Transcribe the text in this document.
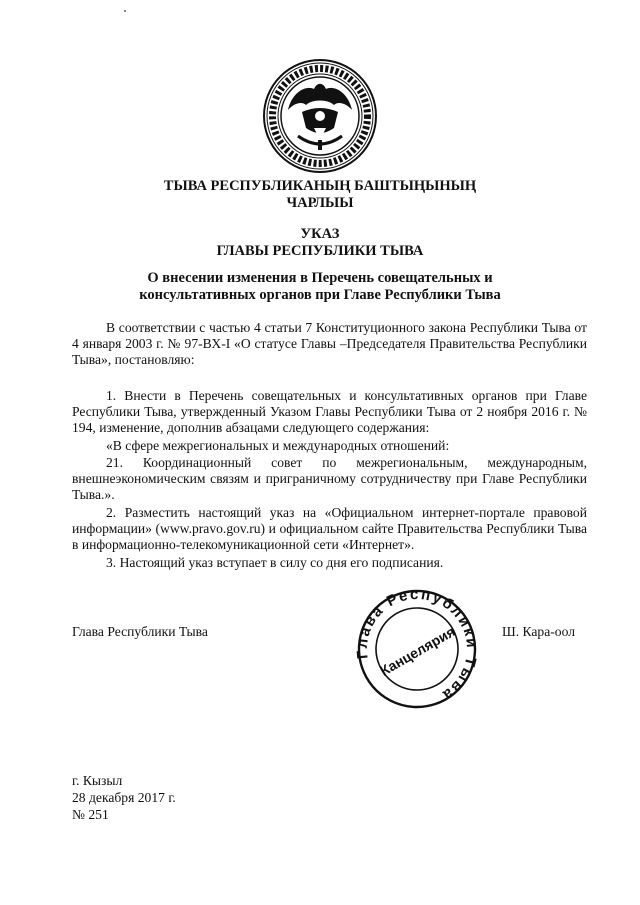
ТЫВА РЕСПУБЛИКАНЫҢ БАШТЫҢЫНЫҢ
ЧАРЛЫЫ
УКАЗ
ГЛАВЫ РЕСПУБЛИКИ ТЫВА
О внесении изменения в Перечень совещательных и
консультативных органов при Главе Республики Тыва

В соответствии с частью 4 статьи 7 Конституционного закона Республики Тыва от 4 января 2003 г. № 97-ВХ-I «О статусе Главы –Председателя Правительства Республики Тыва», постановляю:

1. Внести в Перечень совещательных и консультативных органов при Главе Республики Тыва, утвержденный Указом Главы Республики Тыва от 2 ноября 2016 г. № 194, изменение, дополнив абзацами следующего содержания:

«В сфере межрегиональных и международных отношений:

21. Координационный совет по межрегиональным, международным, внешнеэкономическим связям и приграничному сотрудничеству при Главе Республики Тыва.».

2. Разместить настоящий указ на «Официальном интернет-портале правовой информации» (www.pravo.gov.ru) и официальном сайте Правительства Республики Тыва в информационно-телекомуникационной сети «Интернет».

3. Настоящий указ вступает в силу со дня его подписания.

Глава Республики Тыва

Глава Республики Тыва
Канцелярия	Ш. Кара-оол

г. Кызыл
28 декабря 2017 г.
№ 251
